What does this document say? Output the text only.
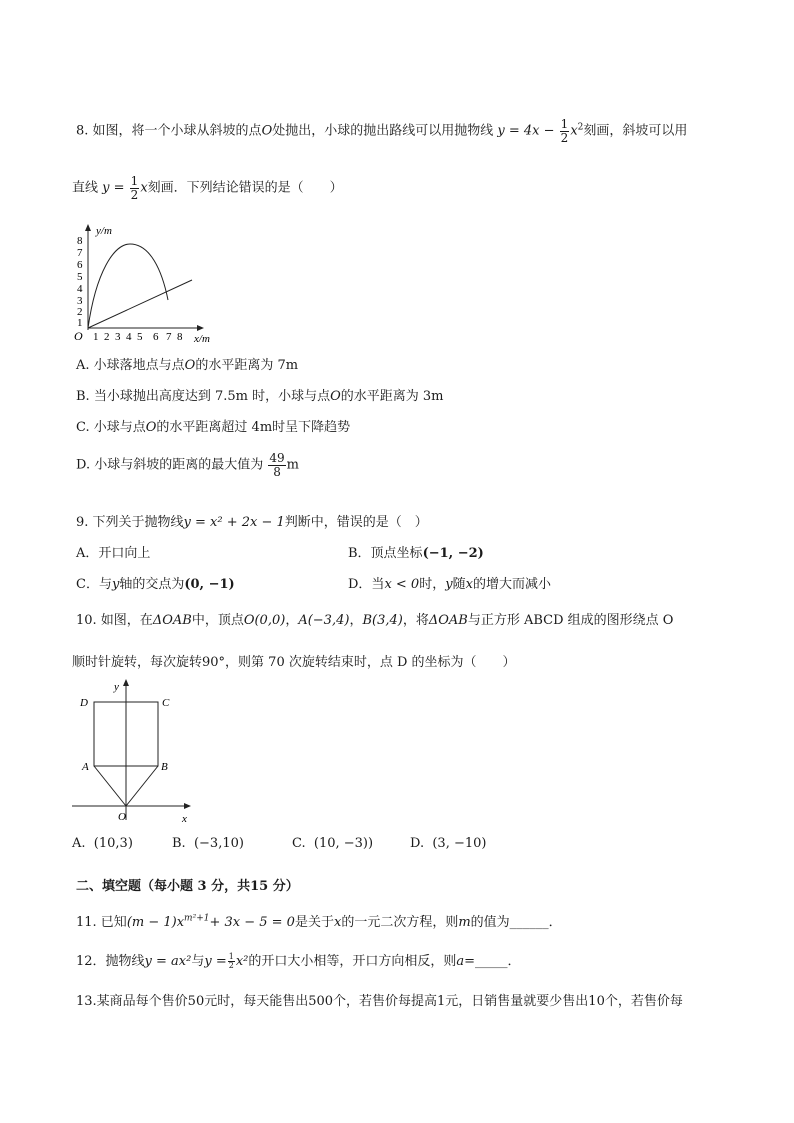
8. 如图，将一个小球从斜坡的点O处抛出，小球的抛出路线可以用抛物线 $y = 4x - \frac{1}{2} x^2$刻画，斜坡可以用
直线 $y = \frac{1}{2}$ x刻画．下列结论错误的是（　　）
y/m
x/m
O
1
2
3
4
5
6
7
8
1 2 3 4 5 6 7 8
A. 小球落地点与点O的水平距离为 7m
B. 当小球抛出高度达到 7.5m 时，小球与点O的水平距离为 3m
C. 小球与点O的水平距离超过 4m时呈下降趋势
D. 小球与斜坡的距离的最大值为 $\frac{49}{8}$ m
9. 下列关于抛物线y = x² + 2x − 1判断中，错误的是（　）
A．开口向上	B．顶点坐标(−1, −2)
C．与y轴的交点为(0, −1)	D．当x < 0时，y随x的增大而减小
10. 如图，在ΔOAB中，顶点O(0,0)，A(−3,4)，B(3,4)，将ΔOAB与正方形 ABCD 组成的图形绕点 O
顺时针旋转，每次旋转90°，则第 70 次旋转结束时，点 D 的坐标为（　　）
D	C
A	B
O	x
y
A. (10,3)	B. (−3,10)	C. (10, −3))	D. (3, −10)
二、填空题（每小题 3 分，共15 分）
11. 已知$(m - 1)x^{m^2+1}+ 3x - 5 = 0$是关于x的一元二次方程，则m的值为______．
12．抛物线y = ax²与$y = \frac{1}{2} x^2$的开口大小相等，开口方向相反，则a=_____．
13.某商品每个售价50元时，每天能售出500个，若售价每提高1元，日销售量就要少售出10个，若售价每
